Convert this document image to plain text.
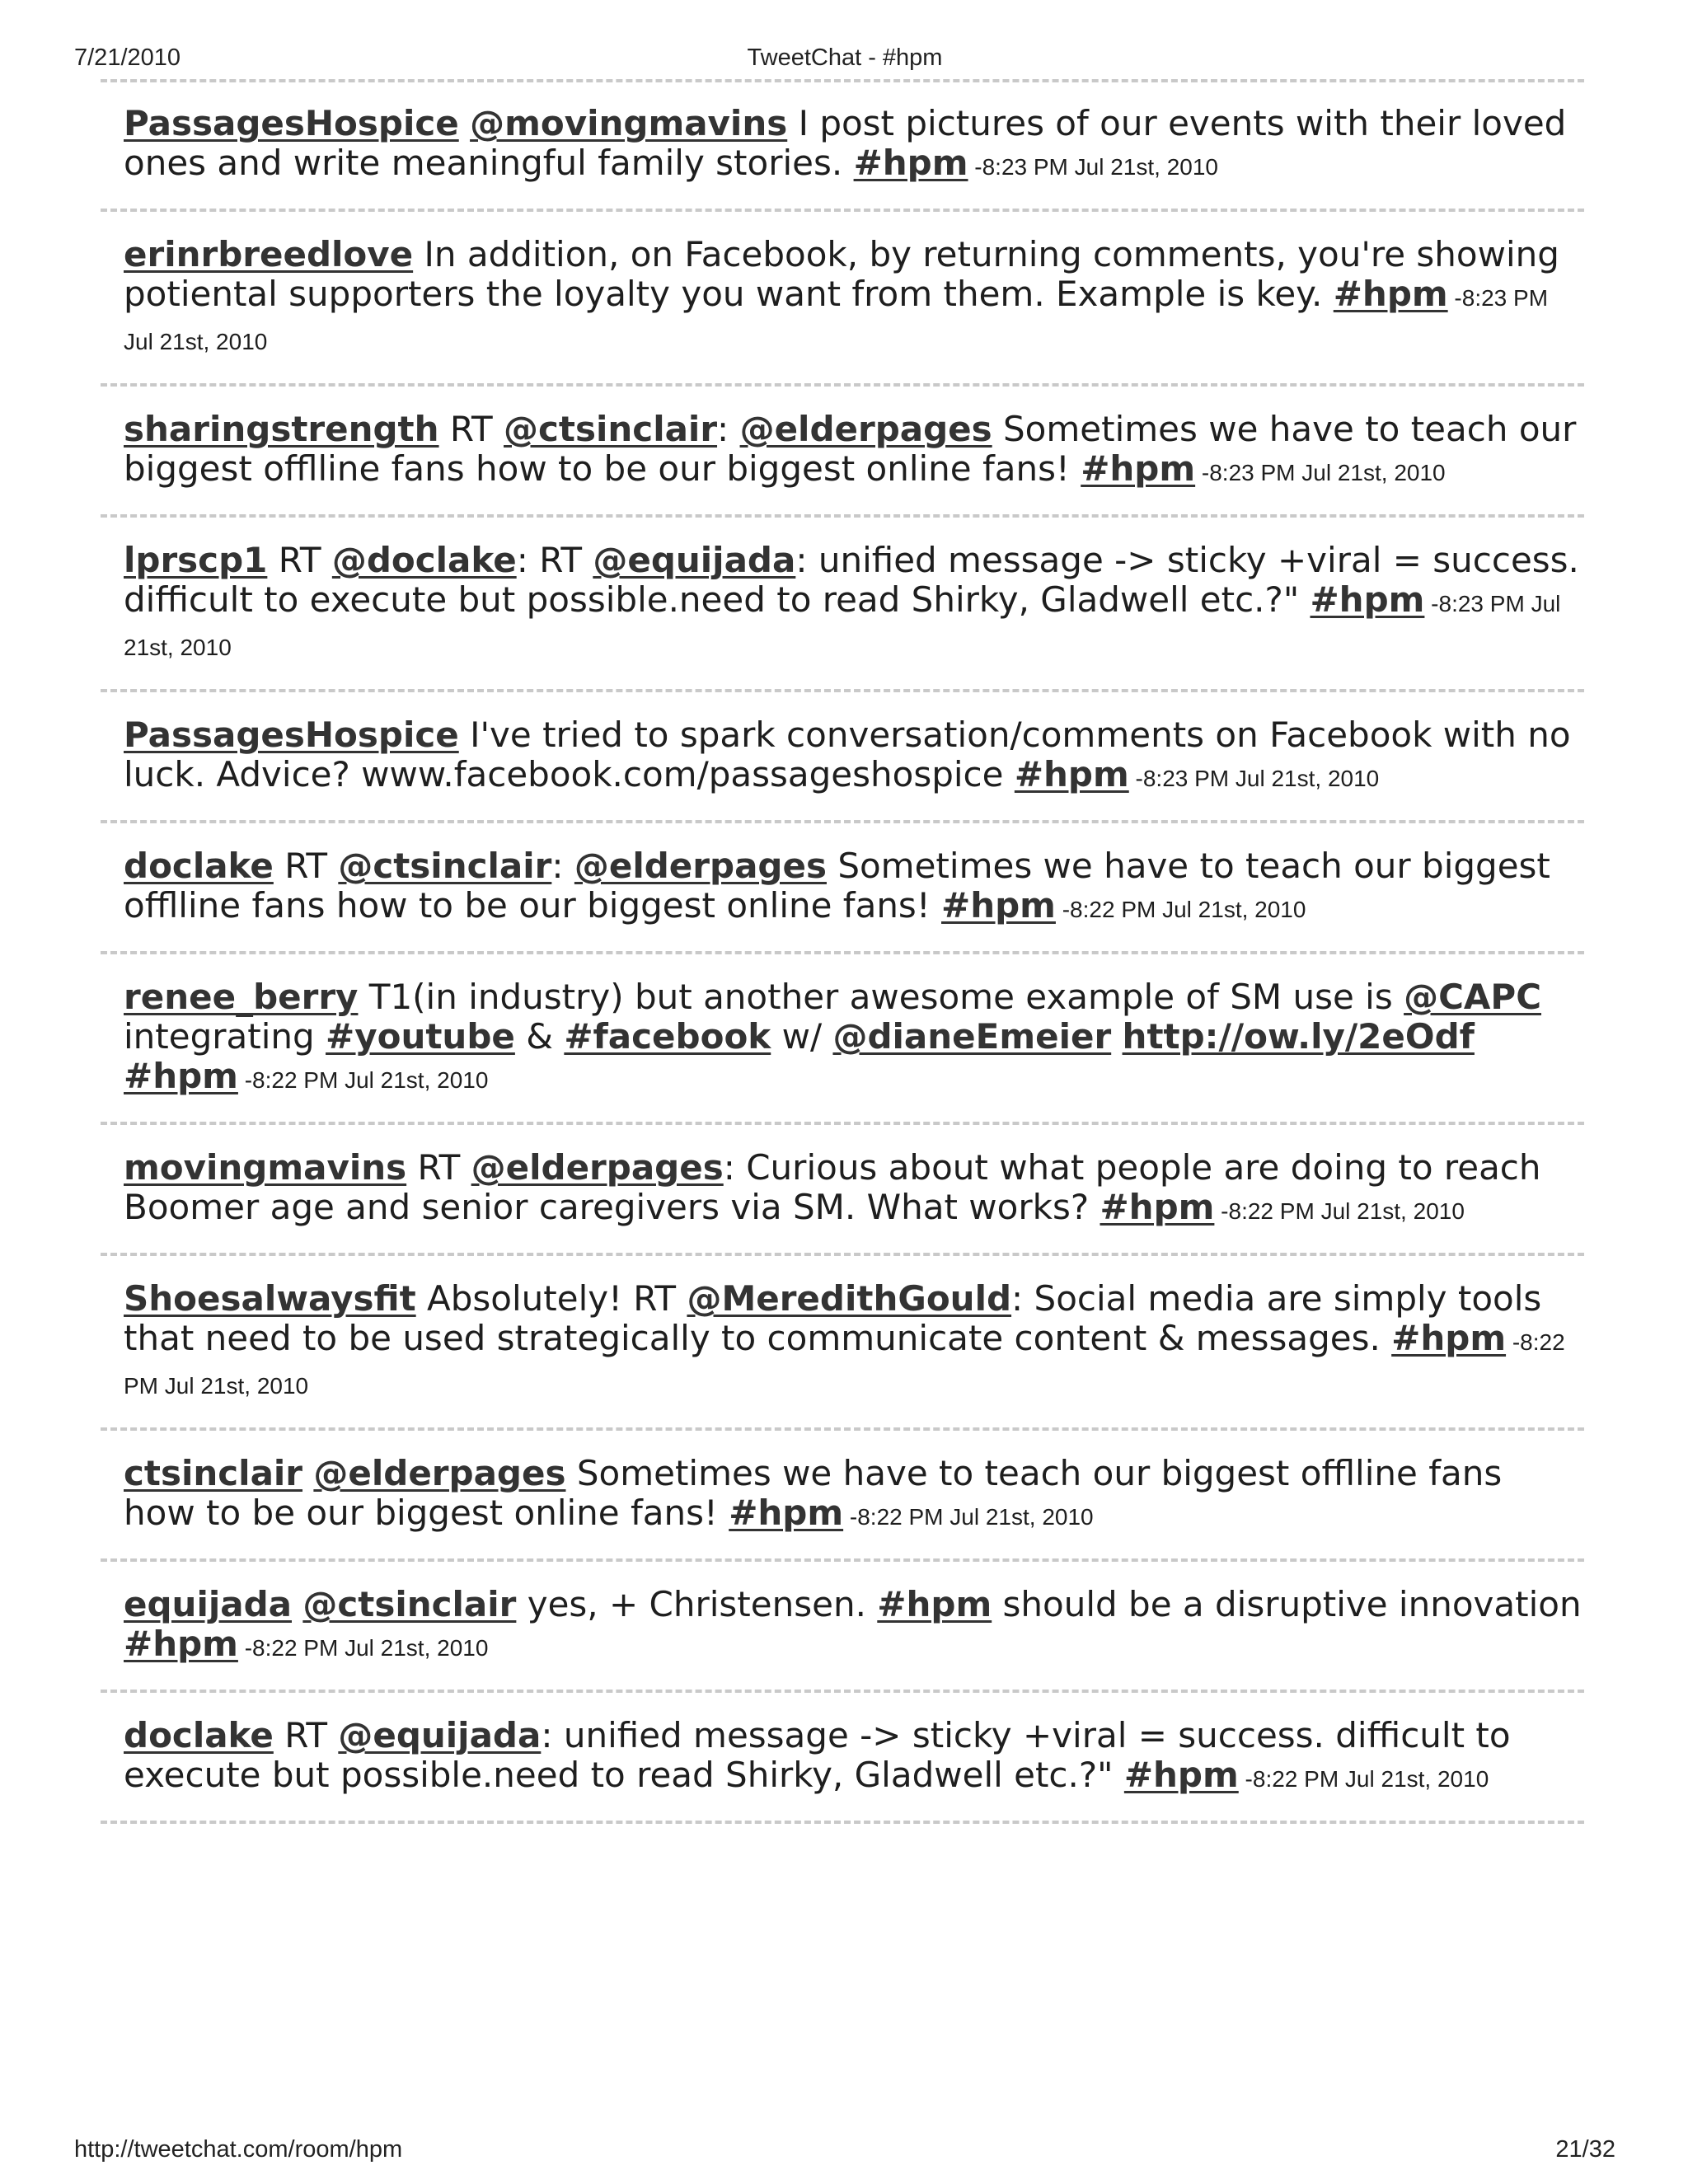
7/21/2010	TweetChat - #hpm
PassagesHospice @movingmavins I post pictures of our events with their loved ones and write meaningful family stories. #hpm -8:23 PM Jul 21st, 2010
erinrbreedlove In addition, on Facebook, by returning comments, you're showing potiental supporters the loyalty you want from them. Example is key. #hpm -8:23 PM Jul 21st, 2010
sharingstrength RT @ctsinclair: @elderpages Sometimes we have to teach our biggest offlline fans how to be our biggest online fans! #hpm -8:23 PM Jul 21st, 2010
lprscp1 RT @doclake: RT @equijada: unified message -> sticky +viral = success. difficult to execute but possible.need to read Shirky, Gladwell etc.?" #hpm -8:23 PM Jul 21st, 2010
PassagesHospice I've tried to spark conversation/comments on Facebook with no luck. Advice? www.facebook.com/passageshospice #hpm -8:23 PM Jul 21st, 2010
doclake RT @ctsinclair: @elderpages Sometimes we have to teach our biggest offlline fans how to be our biggest online fans! #hpm -8:22 PM Jul 21st, 2010
renee_berry T1(in industry) but another awesome example of SM use is @CAPC integrating #youtube & #facebook w/ @dianeEmeier http://ow.ly/2eOdf #hpm -8:22 PM Jul 21st, 2010
movingmavins RT @elderpages: Curious about what people are doing to reach Boomer age and senior caregivers via SM. What works? #hpm -8:22 PM Jul 21st, 2010
Shoesalwaysfit Absolutely! RT @MeredithGould: Social media are simply tools that need to be used strategically to communicate content & messages. #hpm -8:22 PM Jul 21st, 2010
ctsinclair @elderpages Sometimes we have to teach our biggest offlline fans how to be our biggest online fans! #hpm -8:22 PM Jul 21st, 2010
equijada @ctsinclair yes, + Christensen. #hpm should be a disruptive innovation #hpm -8:22 PM Jul 21st, 2010
doclake RT @equijada: unified message -> sticky +viral = success. difficult to execute but possible.need to read Shirky, Gladwell etc.?" #hpm -8:22 PM Jul 21st, 2010
http://tweetchat.com/room/hpm	21/32
